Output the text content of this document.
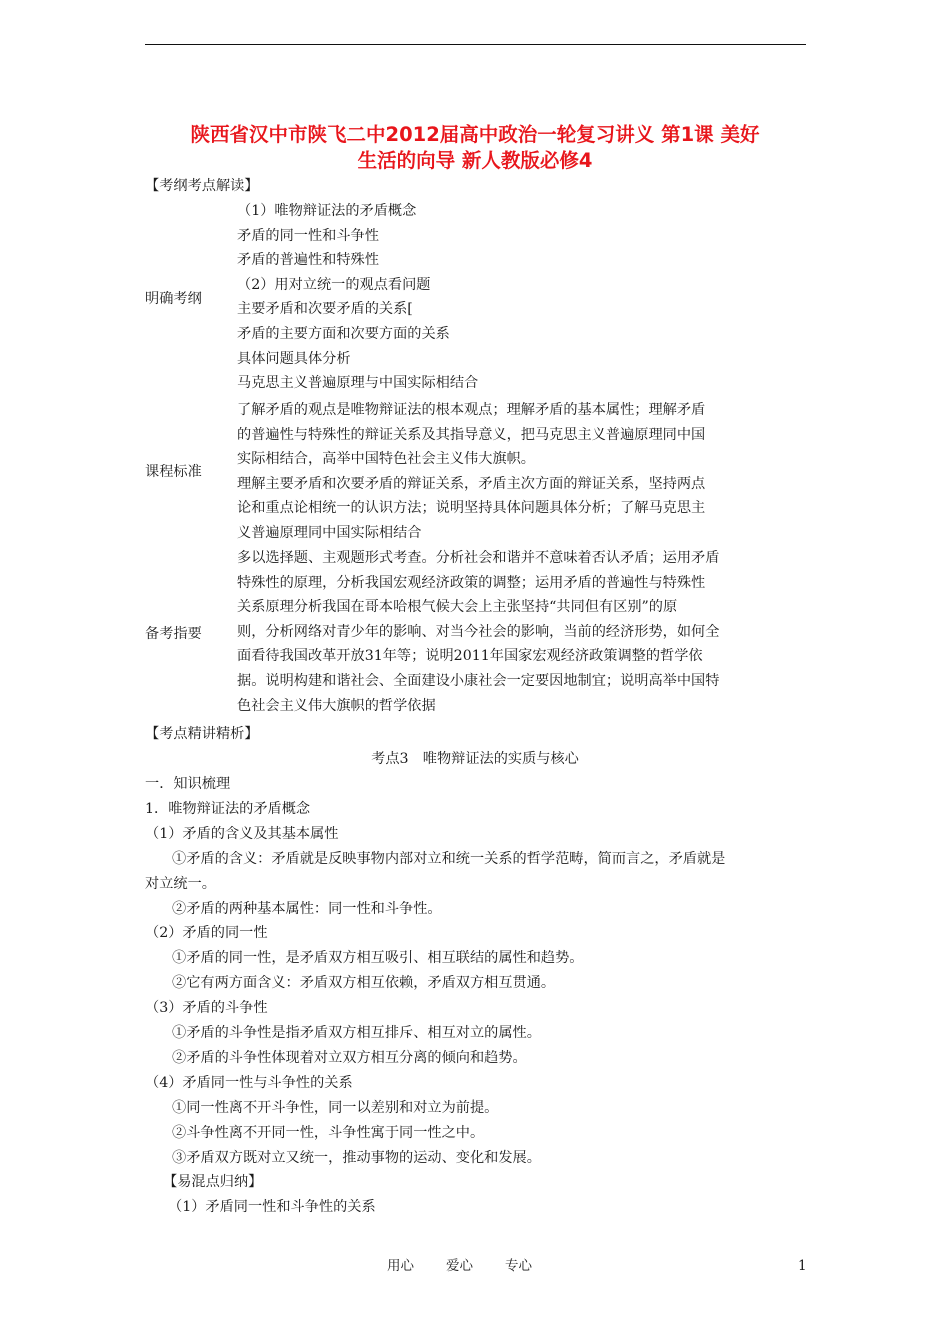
陕西省汉中市陕飞二中2012届高中政治一轮复习讲义 第1课 美好
生活的向导 新人教版必修4
【考纲考点解读】
明确考纲
（1）唯物辩证法的矛盾概念
矛盾的同一性和斗争性
矛盾的普遍性和特殊性
（2）用对立统一的观点看问题
主要矛盾和次要矛盾的关系[
矛盾的主要方面和次要方面的关系
具体问题具体分析
马克思主义普遍原理与中国实际相结合
课程标准
了解矛盾的观点是唯物辩证法的根本观点；理解矛盾的基本属性；理解矛盾
的普遍性与特殊性的辩证关系及其指导意义，把马克思主义普遍原理同中国
实际相结合，高举中国特色社会主义伟大旗帜。
理解主要矛盾和次要矛盾的辩证关系，矛盾主次方面的辩证关系，坚持两点
论和重点论相统一的认识方法；说明坚持具体问题具体分析；了解马克思主
义普遍原理同中国实际相结合
备考指要
多以选择题、主观题形式考查。分析社会和谐并不意味着否认矛盾；运用矛盾
特殊性的原理，分析我国宏观经济政策的调整；运用矛盾的普遍性与特殊性
关系原理分析我国在哥本哈根气候大会上主张坚持“共同但有区别”的原
则，分析网络对青少年的影响、对当今社会的影响，当前的经济形势，如何全
面看待我国改革开放31年等；说明2011年国家宏观经济政策调整的哲学依
据。说明构建和谐社会、全面建设小康社会一定要因地制宜；说明高举中国特
色社会主义伟大旗帜的哲学依据
【考点精讲精析】
考点3　唯物辩证法的实质与核心
一．知识梳理
1．唯物辩证法的矛盾概念
（1）矛盾的含义及其基本属性
①矛盾的含义：矛盾就是反映事物内部对立和统一关系的哲学范畴，简而言之，矛盾就是
对立统一。
②矛盾的两种基本属性：同一性和斗争性。
（2）矛盾的同一性
①矛盾的同一性，是矛盾双方相互吸引、相互联结的属性和趋势。
②它有两方面含义：矛盾双方相互依赖，矛盾双方相互贯通。
（3）矛盾的斗争性
①矛盾的斗争性是指矛盾双方相互排斥、相互对立的属性。
②矛盾的斗争性体现着对立双方相互分离的倾向和趋势。
（4）矛盾同一性与斗争性的关系
①同一性离不开斗争性，同一以差别和对立为前提。
②斗争性离不开同一性，斗争性寓于同一性之中。
③矛盾双方既对立又统一，推动事物的运动、变化和发展。
【易混点归纳】
（1）矛盾同一性和斗争性的关系
用心 爱心 专心	1
